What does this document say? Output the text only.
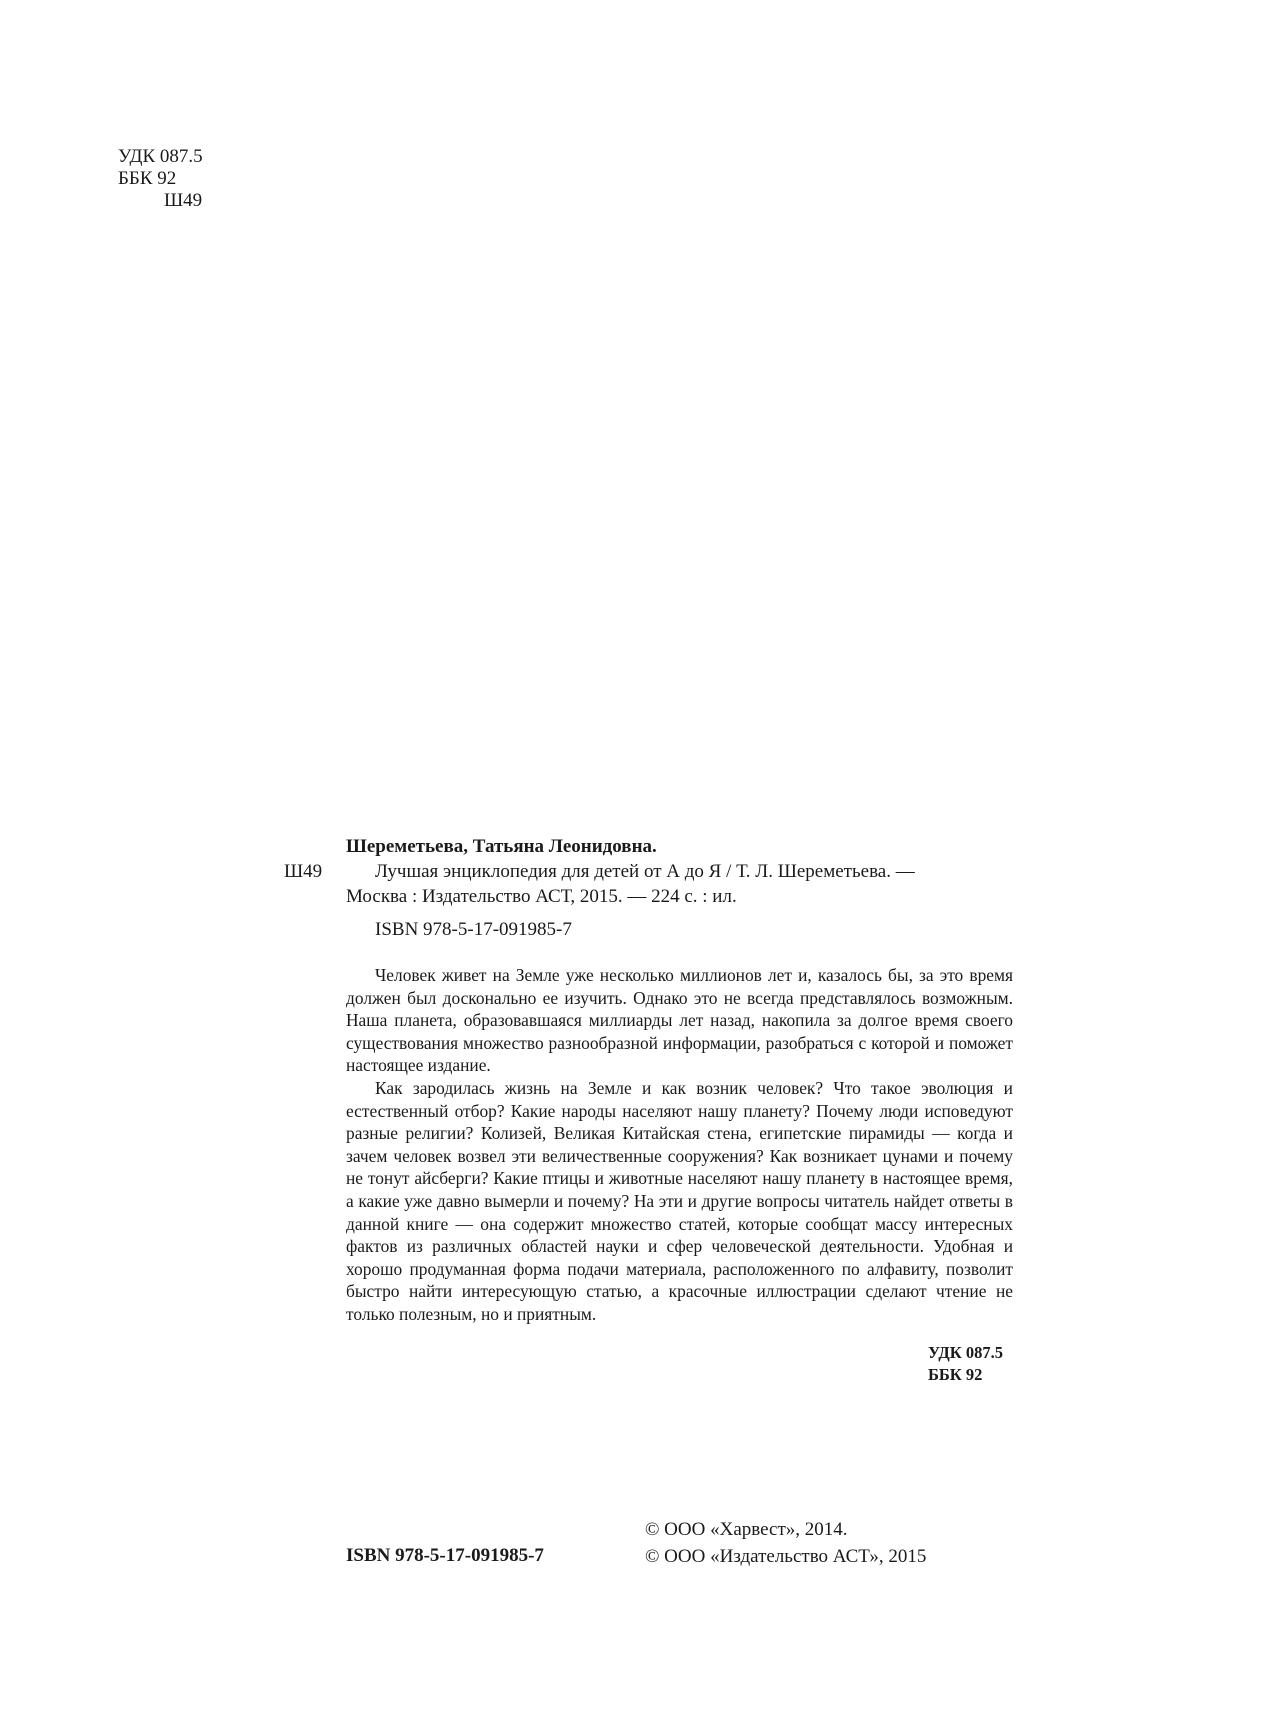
УДК 087.5
ББК 92
Ш49
Шереметьева, Татьяна Леонидовна.
Ш49	Лучшая энциклопедия для детей от А до Я / Т. Л. Шереметьева. —
Москва : Издательство АСТ, 2015. — 224 с. : ил.
ISBN 978-5-17-091985-7

Человек живет на Земле уже несколько миллионов лет и, казалось бы, за это время должен был досконально ее изучить. Однако это не всегда представлялось возможным. Наша планета, образовавшаяся миллиарды лет назад, накопила за долгое время своего существования множество разнообразной информации, разобраться с которой и поможет настоящее издание.

Как зародилась жизнь на Земле и как возник человек? Что такое эволюция и естественный отбор? Какие народы населяют нашу планету? Почему люди исповедуют разные религии? Колизей, Великая Китайская стена, египетские пирамиды — когда и зачем человек возвел эти величественные сооружения? Как возникает цунами и почему не тонут айсберги? Какие птицы и животные населяют нашу планету в настоящее время, а какие уже давно вымерли и почему? На эти и другие вопросы читатель найдет ответы в данной книге — она содержит множество статей, которые сообщат массу интересных фактов из различных областей науки и сфер человеческой деятельности. Удобная и хорошо продуманная форма подачи материала, расположенного по алфавиту, позволит быстро найти интересующую статью, а красочные иллюстрации сделают чтение не только полезным, но и приятным.

УДК 087.5
ББК 92
ISBN 978-5-17-091985-7
© ООО «Харвест», 2014.
© ООО «Издательство АСТ», 2015
